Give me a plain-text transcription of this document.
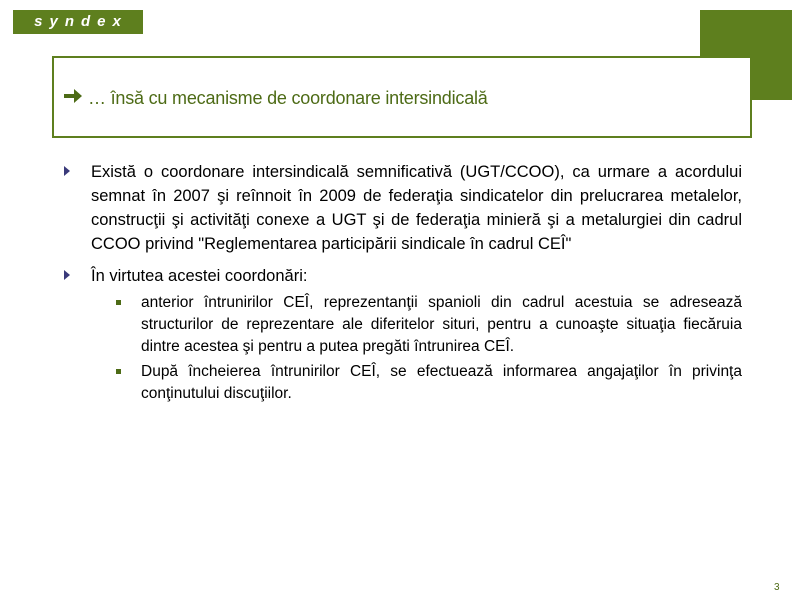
syndex
… însă cu mecanisme de coordonare intersindicală
Există o coordonare intersindicală semnificativă (UGT/CCOO), ca urmare a acordului semnat în 2007 şi reînnoit în 2009 de federaţia sindicatelor din prelucrarea metalelor, construcţii şi activităţi conexe a UGT şi de federaţia minieră şi a metalurgiei din cadrul CCOO privind "Reglementarea participării sindicale în cadrul CEÎ"
În virtutea acestei coordonări:
anterior întrunirilor CEÎ, reprezentanţii spanioli din cadrul acestuia se adresează structurilor de reprezentare ale diferitelor situri, pentru a cunoaşte situaţia fiecăruia dintre acestea şi pentru a putea pregăti întrunirea CEÎ.
După încheierea întrunirilor CEÎ, se efectuează informarea angajaţilor în privinţa conţinutului discuţiilor.
3
